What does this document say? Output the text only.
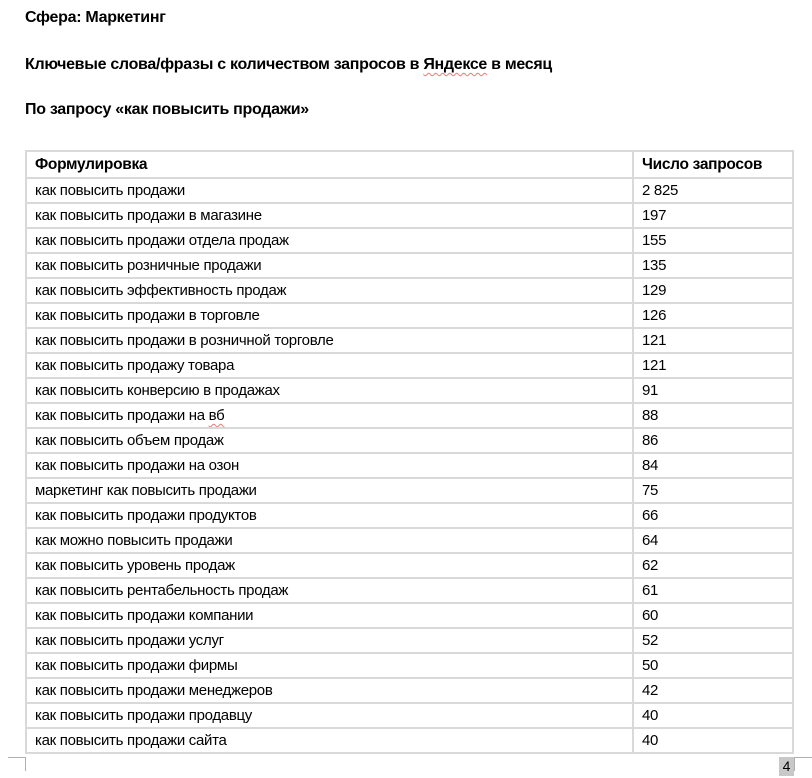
Сфера: Маркетинг
Ключевые слова/фразы с количеством запросов в Яндексе в месяц
По запросу «как повысить продажи»
Формулировка	Число запросов
как повысить продажи	2 825
как повысить продажи в магазине	197
как повысить продажи отдела продаж	155
как повысить розничные продажи	135
как повысить эффективность продаж	129
как повысить продажи в торговле	126
как повысить продажи в розничной торговле	121
как повысить продажу товара	121
как повысить конверсию в продажах	91
как повысить продажи на вб	88
как повысить объем продаж	86
как повысить продажи на озон	84
маркетинг как повысить продажи	75
как повысить продажи продуктов	66
как можно повысить продажи	64
как повысить уровень продаж	62
как повысить рентабельность продаж	61
как повысить продажи компании	60
как повысить продажи услуг	52
как повысить продажи фирмы	50
как повысить продажи менеджеров	42
как повысить продажи продавцу	40
как повысить продажи сайта	40
4
